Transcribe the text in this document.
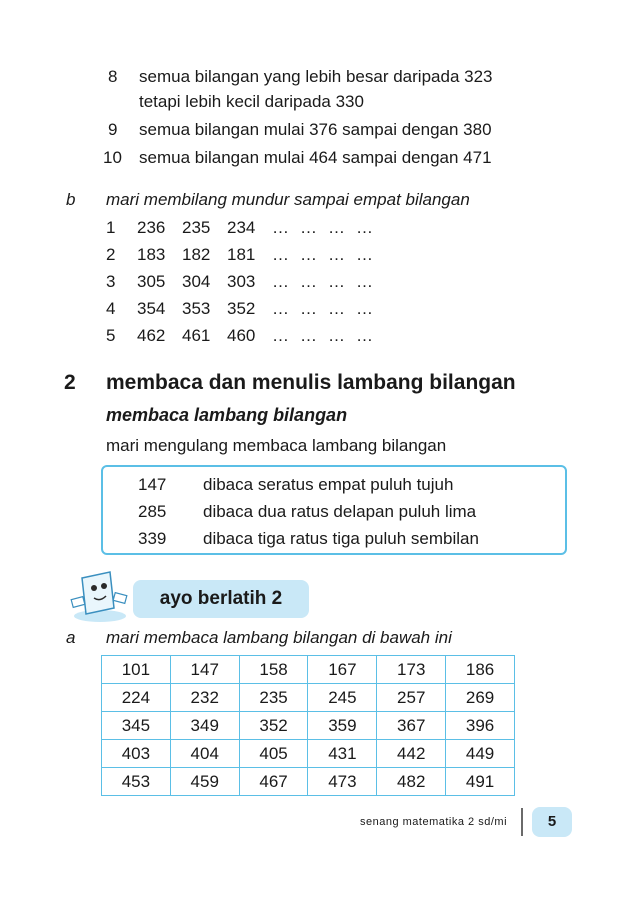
8 semua bilangan yang lebih besar daripada 323
tetapi lebih kecil daripada 330
9 semua bilangan mulai 376 sampai dengan 380
10 semua bilangan mulai 464 sampai dengan 471
b mari membilang mundur sampai empat bilangan
1 236 235 234 … … … …
2 183 182 181 … … … …
3 305 304 303 … … … …
4 354 353 352 … … … …
5 462 461 460 … … … …
2 membaca dan menulis lambang bilangan
membaca lambang bilangan
mari mengulang membaca lambang bilangan
147 dibaca seratus empat puluh tujuh
285 dibaca dua ratus delapan puluh lima
339 dibaca tiga ratus tiga puluh sembilan
ayo berlatih 2
a mari membaca lambang bilangan di bawah ini
101	147	158	167	173	186
224	232	235	245	257	269
345	349	352	359	367	396
403	404	405	431	442	449
453	459	467	473	482	491
senang matematika 2 sd/mi	5
